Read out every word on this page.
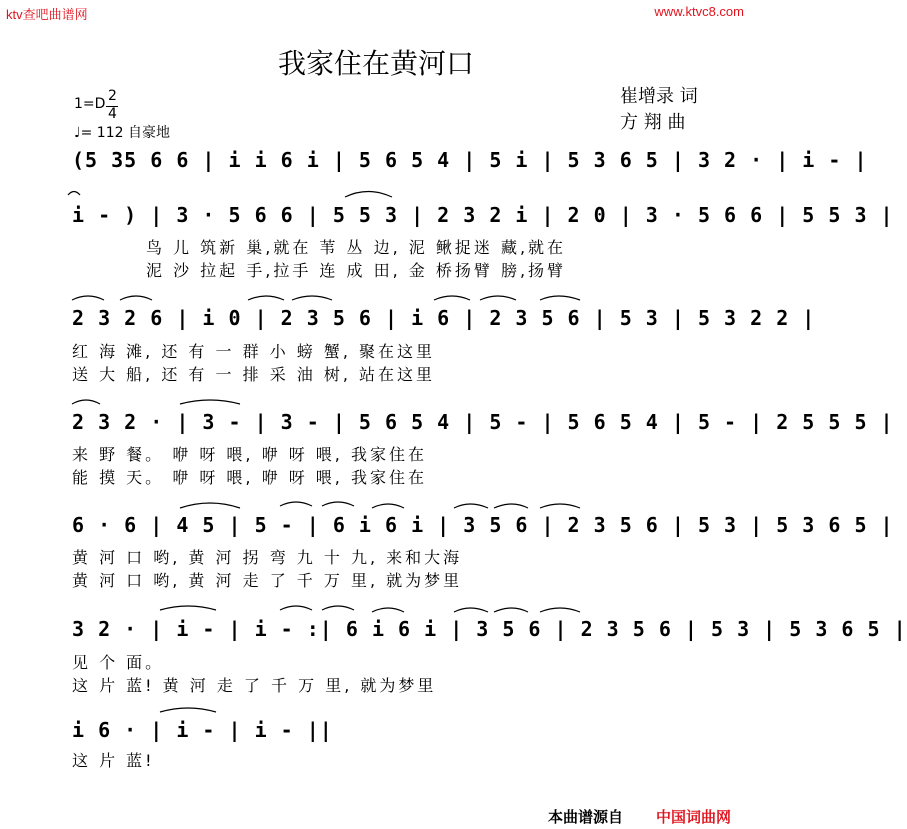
ktv查吧曲谱网	www.ktvc8.com
我家住在黄河口
崔增录 词
方 翔 曲
1=D 2
4
♩= 112 自豪地
(5 35 6 6 | i i 6 i | 5 6 5 4 | 5 i | 5 3 6 5 | 3 2 · | i - |
i - ) | 3 · 5 6 6 | 5 5 3 | 2 3 2 i | 2 0 | 3 · 5 6 6 | 5 5 3 |
鸟 儿 筑新 巢,就在 苇 丛 边, 泥 鳅捉迷 藏,就在
泥 沙 拉起 手,拉手 连 成 田, 金 桥扬臂 膀,扬臂
2 3 2 6 | i 0 | 2 3 5 6 | i 6 | 2 3 5 6 | 5 3 | 5 3 2 2 |
红 海 滩, 还 有 一 群 小 螃 蟹, 聚在这里
送 大 船, 还 有 一 排 采 油 树, 站在这里
2 3 2 · | 3 - | 3 - | 5 6 5 4 | 5 - | 5 6 5 4 | 5 - | 2 5 5 5 |
来 野 餐。 咿 呀 喂, 咿 呀 喂, 我家住在
能 摸 天。 咿 呀 喂, 咿 呀 喂, 我家住在
6 · 6 | 4 5 | 5 - | 6 i 6 i | 3 5 6 | 2 3 5 6 | 5 3 | 5 3 6 5 |
黄 河 口 哟, 黄 河 拐 弯 九 十 九, 来和大海
黄 河 口 哟, 黄 河 走 了 千 万 里, 就为梦里
3 2 · | i - | i - :| 6 i 6 i | 3 5 6 | 2 3 5 6 | 5 3 | 5 3 6 5 |
见 个 面。
这 片 蓝! 黄 河 走 了 千 万 里, 就为梦里
i 6 · | i - | i - ||
这 片 蓝!
本曲谱源自 中国词曲网
